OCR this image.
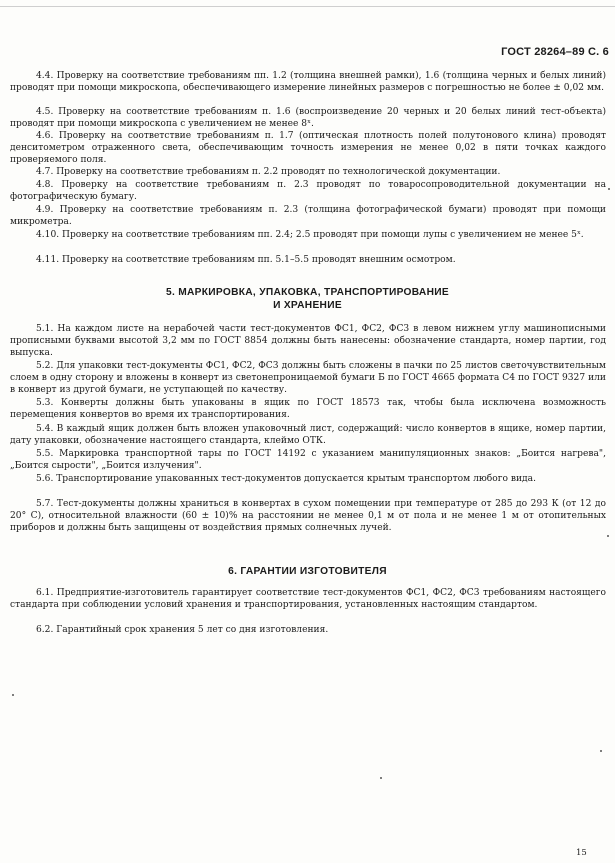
ГОСТ 28264–89 С. 6

4.4. Проверку на соответствие требованиям пп. 1.2 (толщина внешней рамки), 1.6 (толщина черных и белых линий) проводят при помощи микроскопа, обеспечивающего измерение линейных размеров с погрешностью не более ± 0,02 мм.

4.5. Проверку на соответствие требованиям п. 1.6 (воспроизведение 20 черных и 20 белых линий тест-объекта) проводят при помощи микроскопа с увеличением не менее 8ˣ.

4.6. Проверку на соответствие требованиям п. 1.7 (оптическая плотность полей полутонового клина) проводят денситометром отраженного света, обеспечивающим точность измерения не менее 0,02 в пяти точках каждого проверяемого поля.

4.7. Проверку на соответствие требованиям п. 2.2 проводят по технологической документации.

4.8. Проверку на соответствие требованиям п. 2.3 проводят по товаросопроводительной документации на фотографическую бумагу.

4.9. Проверку на соответствие требованиям п. 2.3 (толщина фотографической бумаги) проводят при помощи микрометра.

4.10. Проверку на соответствие требованиям пп. 2.4; 2.5 проводят при помощи лупы с увеличением не менее 5ˣ.

4.11. Проверку на соответствие требованиям пп. 5.1–5.5 проводят внешним осмотром.

5. МАРКИРОВКА, УПАКОВКА, ТРАНСПОРТИРОВАНИЕ

И ХРАНЕНИЕ

5.1. На каждом листе на нерабочей части тест-документов ФС1, ФС2, ФС3 в левом нижнем углу машинописными прописными буквами высотой 3,2 мм по ГОСТ 8854 должны быть нанесены: обозначение стандарта, номер партии, год выпуска.

5.2. Для упаковки тест-документы ФС1, ФС2, ФС3 должны быть сложены в пачки по 25 листов светочувствительным слоем в одну сторону и вложены в конверт из светонепроницаемой бумаги Б по ГОСТ 4665 формата С4 по ГОСТ 9327 или в конверт из другой бумаги, не уступающей по качеству.

5.3. Конверты должны быть упакованы в ящик по ГОСТ 18573 так, чтобы была исключена возможность перемещения конвертов во время их транспортирования.

5.4. В каждый ящик должен быть вложен упаковочный лист, содержащий: число конвертов в ящике, номер партии, дату упаковки, обозначение настоящего стандарта, клеймо ОТК.

5.5. Маркировка транспортной тары по ГОСТ 14192 с указанием манипуляционных знаков: „Боится нагрева", „Боится сырости", „Боится излучения".

5.6. Транспортирование упакованных тест-документов допускается крытым транспортом любого вида.

5.7. Тест-документы должны храниться в конвертах в сухом помещении при температуре от 285 до 293 К (от 12 до 20° С), относительной влажности (60 ± 10)% на расстоянии не менее 0,1 м от пола и не менее 1 м от отопительных приборов и должны быть защищены от воздействия прямых солнечных лучей.

6. ГАРАНТИИ ИЗГОТОВИТЕЛЯ

6.1. Предприятие-изготовитель гарантирует соответствие тест-документов ФС1, ФС2, ФС3 требованиям настоящего стандарта при соблюдении условий хранения и транспортирования, установленных настоящим стандартом.

6.2. Гарантийный срок хранения 5 лет со дня изготовления.

15
